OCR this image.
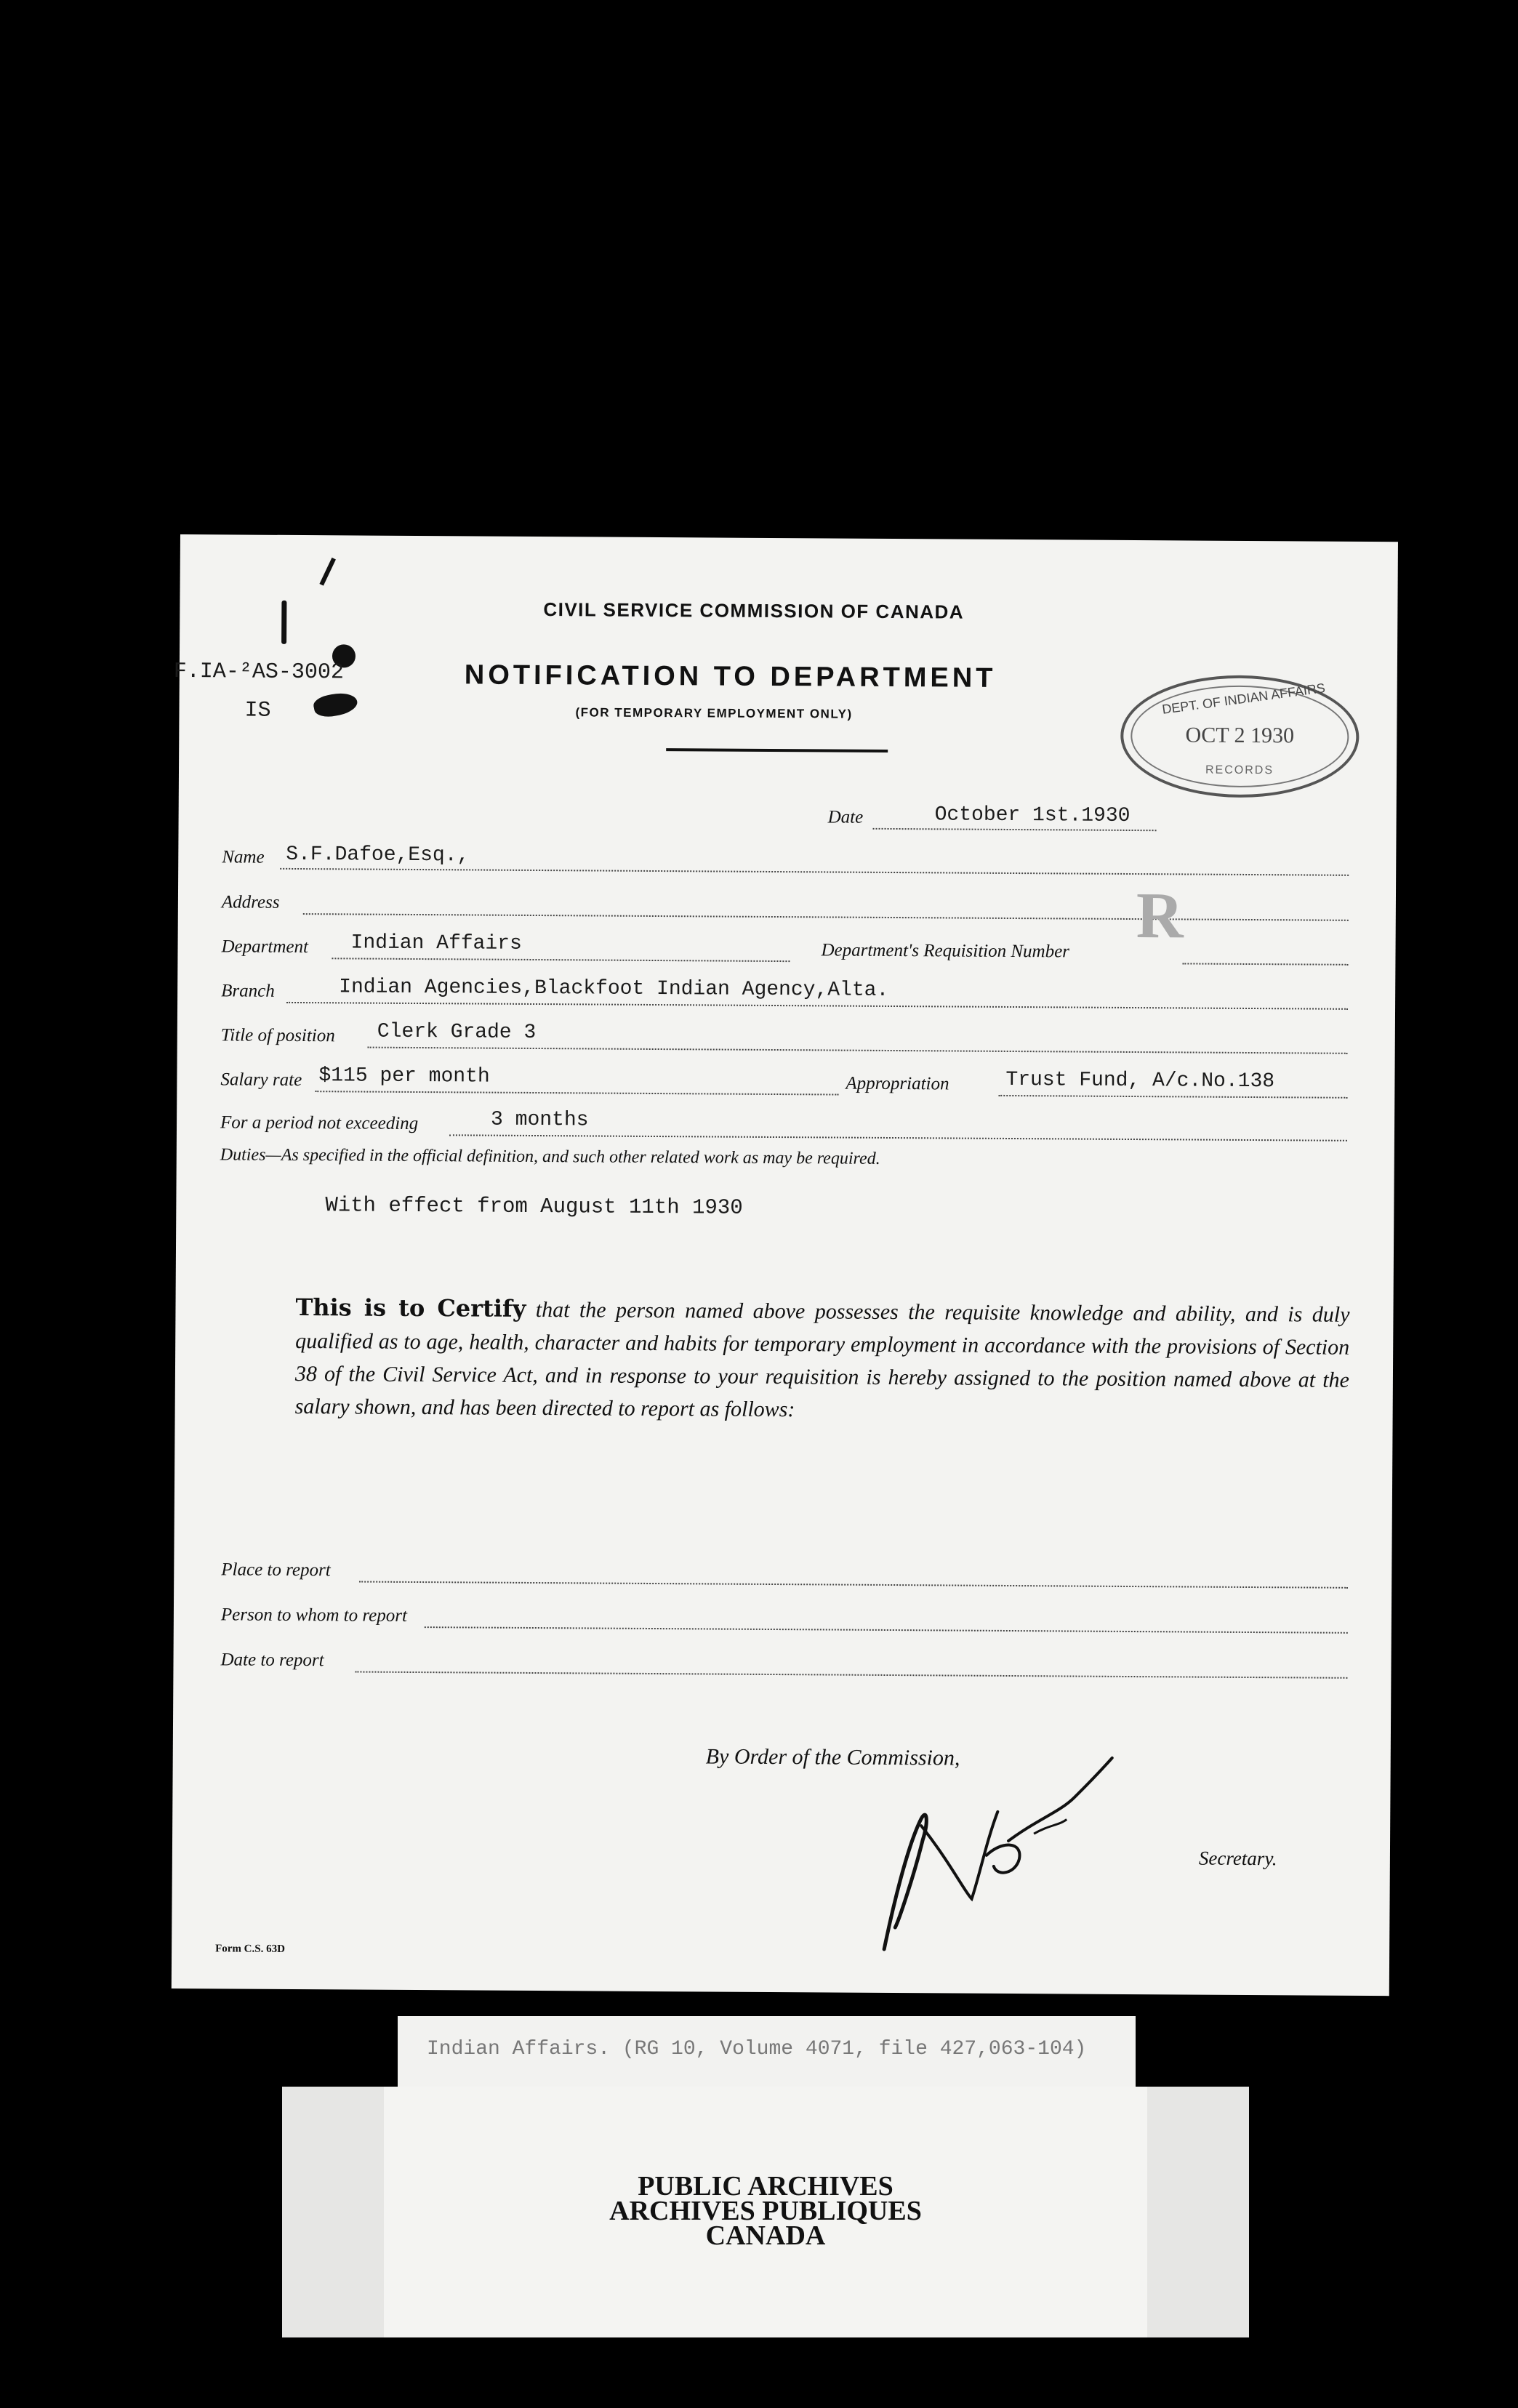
F.IA-²AS-3002
IS
CIVIL SERVICE COMMISSION OF CANADA
NOTIFICATION TO DEPARTMENT
(FOR TEMPORARY EMPLOYMENT ONLY)	DEPT. OF INDIAN AFFAIRS
OCT 2 1930
RECORDS
Date	October 1st.1930
Name S.F.Dafoe,Esq.,
Address	R
Department Indian Affairs	Department's Requisition Number
Branch	Indian Agencies,Blackfoot Indian Agency,Alta.
Title of position Clerk Grade 3
Salary rate $115 per month	Appropriation	Trust Fund, A/c.No.138
For a period not exceeding	3 months
Duties—As specified in the official definition, and such other related work as may be required.
With effect from August 11th 1930
This is to Certify that the person named above possesses the requisite knowledge and ability, and is duly qualified as to age, health, character and habits for temporary employment in accordance with the provisions of Section 38 of the Civil Service Act, and in response to your requisition is hereby assigned to the position named above at the salary shown, and has been directed to report as follows:
Place to report
Person to whom to report
Date to report
By Order of the Commission,
Secretary.
Form C.S. 63D
Indian Affairs. (RG 10, Volume 4071, file 427,063-104)
PUBLIC ARCHIVES
ARCHIVES PUBLIQUES
CANADA
